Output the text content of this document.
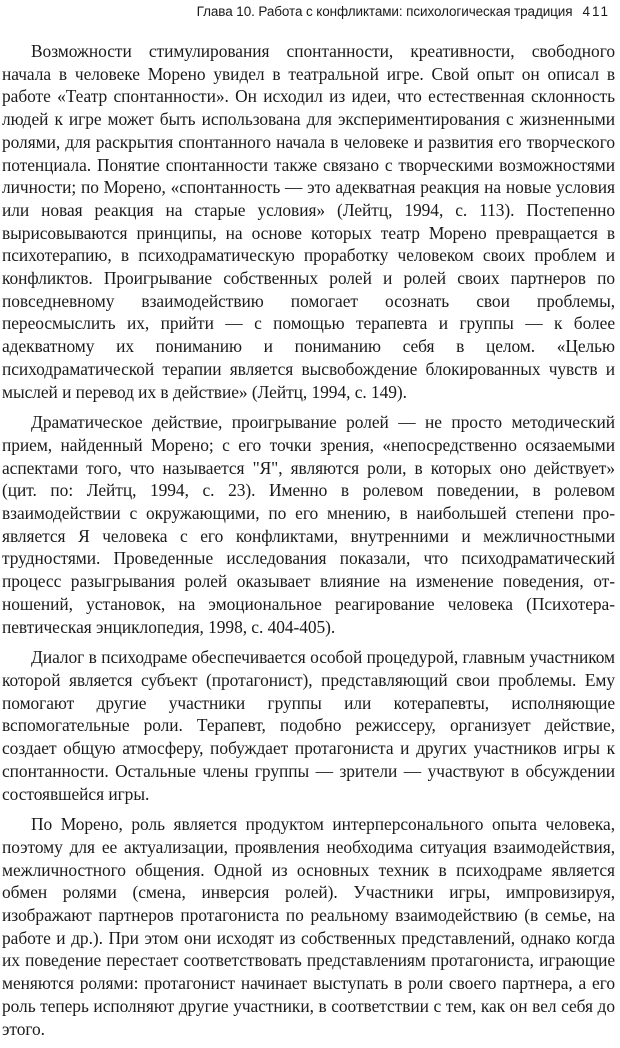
Глава 10. Работа с конфликтами: психологическая традиция 411

Возможности стимулирования спонтанности, креативности, свободного начала в человеке Морено увидел в театральной игре. Свой опыт он описал в работе «Театр спонтанности». Он исходил из идеи, что естественная склонность людей к игре может быть использована для экспериментирования с жизненными ролями, для раскрытия спонтанного начала в человеке и развития его творческого потенциала. Понятие спонтанности также связано с творческими возможностями личности; по Морено, «спонтанность — это адекватная реакция на новые условия или новая реакция на старые условия» (Лейтц, 1994, с. 113). Постепенно вырисовываются принципы, на основе которых театр Морено превращается в психотерапию, в психодраматическую проработку человеком своих проблем и конфликтов. Проигрывание собственных ролей и ролей своих партнеров по повседневному взаимодействию помогает осознать свои проблемы, переосмыслить их, прийти — с помощью терапевта и группы — к более адекватному их пониманию и пониманию себя в целом. «Целью психодраматической терапии является высвобождение блокированных чувств и мыслей и перевод их в действие» (Лейтц, 1994, с. 149).

Драматическое действие, проигрывание ролей — не просто методический прием, найденный Морено; с его точки зрения, «непосредственно осязаемыми аспектами того, что называется "Я", являются роли, в которых оно действует» (цит. по: Лейтц, 1994, с. 23). Именно в ролевом поведении, в ролевом взаимодействии с окружающими, по его мнению, в наибольшей степени проявляется Я человека с его конфликтами, внутренними и межличностными трудностями. Проведенные исследования показали, что психодраматический процесс разыгрывания ролей оказывает влияние на изменение поведения, отношений, установок, на эмоциональное реагирование человека (Психотерапевтическая энциклопедия, 1998, с. 404-405).

Диалог в психодраме обеспечивается особой процедурой, главным участником которой является субъект (протагонист), представляющий свои проблемы. Ему помогают другие участники группы или котерапевты, исполняющие вспомогательные роли. Терапевт, подобно режиссеру, организует действие, создает общую атмосферу, побуждает протагониста и других участников игры к спонтанности. Остальные члены группы — зрители — участвуют в обсуждении состоявшейся игры.

По Морено, роль является продуктом интерперсонального опыта человека, поэтому для ее актуализации, проявления необходима ситуация взаимодействия, межличностного общения. Одной из основных техник в психодраме является обмен ролями (смена, инверсия ролей). Участники игры, импровизируя, изображают партнеров протагониста по реальному взаимодействию (в семье, на работе и др.). При этом они исходят из собственных представлений, однако когда их поведение перестает соответствовать представлениям протагониста, играющие меняются ролями: протагонист начинает выступать в роли своего партнера, а его роль теперь исполняют другие участники, в соответствии с тем, как он вел себя до этого.
